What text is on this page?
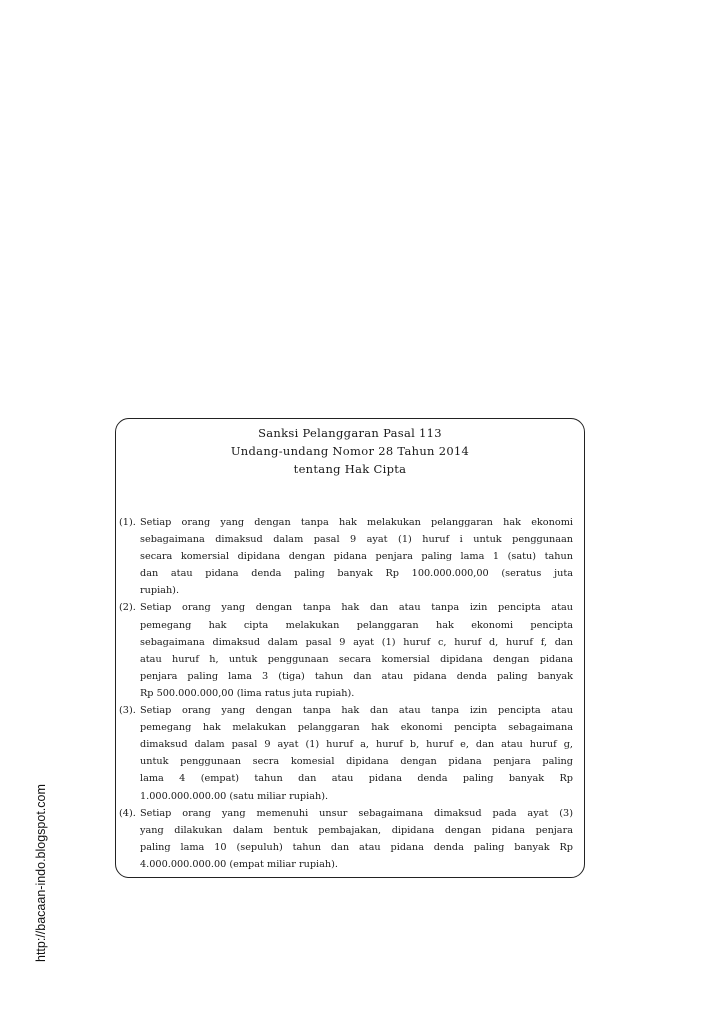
http://bacaan-indo.blogspot.com
Sanksi Pelanggaran Pasal 113
Undang-undang Nomor 28 Tahun 2014
tentang Hak Cipta
(1). Setiap orang yang dengan tanpa hak melakukan pelanggaran hak ekonomi
sebagaimana dimaksud dalam pasal 9 ayat (1) huruf i untuk penggunaan
secara komersial dipidana dengan pidana penjara paling lama 1 (satu) tahun
dan atau pidana denda paling banyak Rp 100.000.000,00 (seratus juta
rupiah).
(2). Setiap orang yang dengan tanpa hak dan atau tanpa izin pencipta atau
pemegang hak cipta melakukan pelanggaran hak ekonomi pencipta
sebagaimana dimaksud dalam pasal 9 ayat (1) huruf c, huruf d, huruf f, dan
atau huruf h, untuk penggunaan secara komersial dipidana dengan pidana
penjara paling lama 3 (tiga) tahun dan atau pidana denda paling banyak
Rp 500.000.000,00 (lima ratus juta rupiah).
(3). Setiap orang yang dengan tanpa hak dan atau tanpa izin pencipta atau
pemegang hak melakukan pelanggaran hak ekonomi pencipta sebagaimana
dimaksud dalam pasal 9 ayat (1) huruf a, huruf b, huruf e, dan atau huruf g,
untuk penggunaan secra komesial dipidana dengan pidana penjara paling
lama 4 (empat) tahun dan atau pidana denda paling banyak Rp
1.000.000.000.00 (satu miliar rupiah).
(4). Setiap orang yang memenuhi unsur sebagaimana dimaksud pada ayat (3)
yang dilakukan dalam bentuk pembajakan, dipidana dengan pidana penjara
paling lama 10 (sepuluh) tahun dan atau pidana denda paling banyak Rp
4.000.000.000.00 (empat miliar rupiah).
